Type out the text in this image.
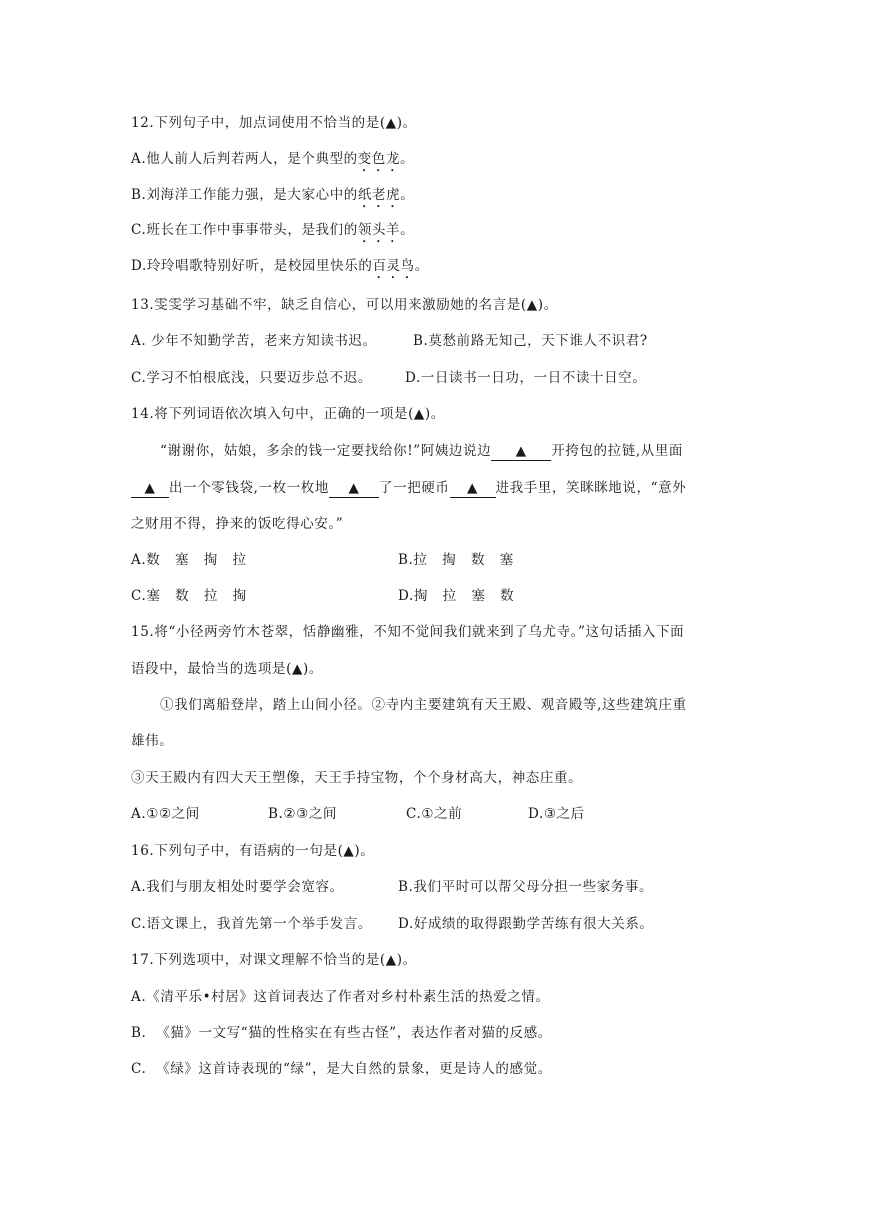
12.下列句子中，加点词使用不恰当的是(▲)。
A.他人前人后判若两人，是个典型的变色龙。
B.刘海洋工作能力强，是大家心中的纸老虎。
C.班长在工作中事事带头，是我们的领头羊。
D.玲玲唱歌特别好听，是校园里快乐的百灵鸟。
13.雯雯学习基础不牢，缺乏自信心，可以用来激励她的名言是(▲)。
A. 少年不知勤学苦，老来方知读书迟。	B.莫愁前路无知己，天下谁人不识君?
C.学习不怕根底浅，只要迈步总不迟。 D.一日读书一日功，一日不读十日空。
14.将下列词语依次填入句中，正确的一项是(▲)。
“谢谢你，姑娘，多余的钱一定要找给你!”阿姨边说边 ▲ 开挎包的拉链,从里面
▲ 出一个零钱袋,一枚一枚地 ▲ 了一把硬币 ▲ 进我手里，笑眯眯地说，“意外
之财用不得，挣来的饭吃得心安。”
A.数   塞   掏   拉	B.拉   掏   数   塞
C.塞   数   拉   掏	D.掏   拉   塞   数
15.将“小径两旁竹木苍翠，恬静幽雅，不知不觉间我们就来到了乌尤寺。”这句话插入下面
语段中，最恰当的选项是(▲)。
①我们离船登岸，踏上山间小径。②寺内主要建筑有天王殿、观音殿等,这些建筑庄重
雄伟。
③天王殿内有四大天王塑像，天王手持宝物，个个身材高大，神态庄重。
A.①②之间	B.②③之间	C.①之前	D.③之后
16.下列句子中，有语病的一句是(▲)。
A.我们与朋友相处时要学会宽容。	B.我们平时可以帮父母分担一些家务事。
C.语文课上，我首先第一个举手发言。 D.好成绩的取得跟勤学苦练有很大关系。
17.下列选项中，对课文理解不恰当的是(▲)。
A.《清平乐•村居》这首词表达了作者对乡村朴素生活的热爱之情。
B.  《猫》一文写“猫的性格实在有些古怪”，表达作者对猫的反感。
C.  《绿》这首诗表现的“绿”，是大自然的景象，更是诗人的感觉。
